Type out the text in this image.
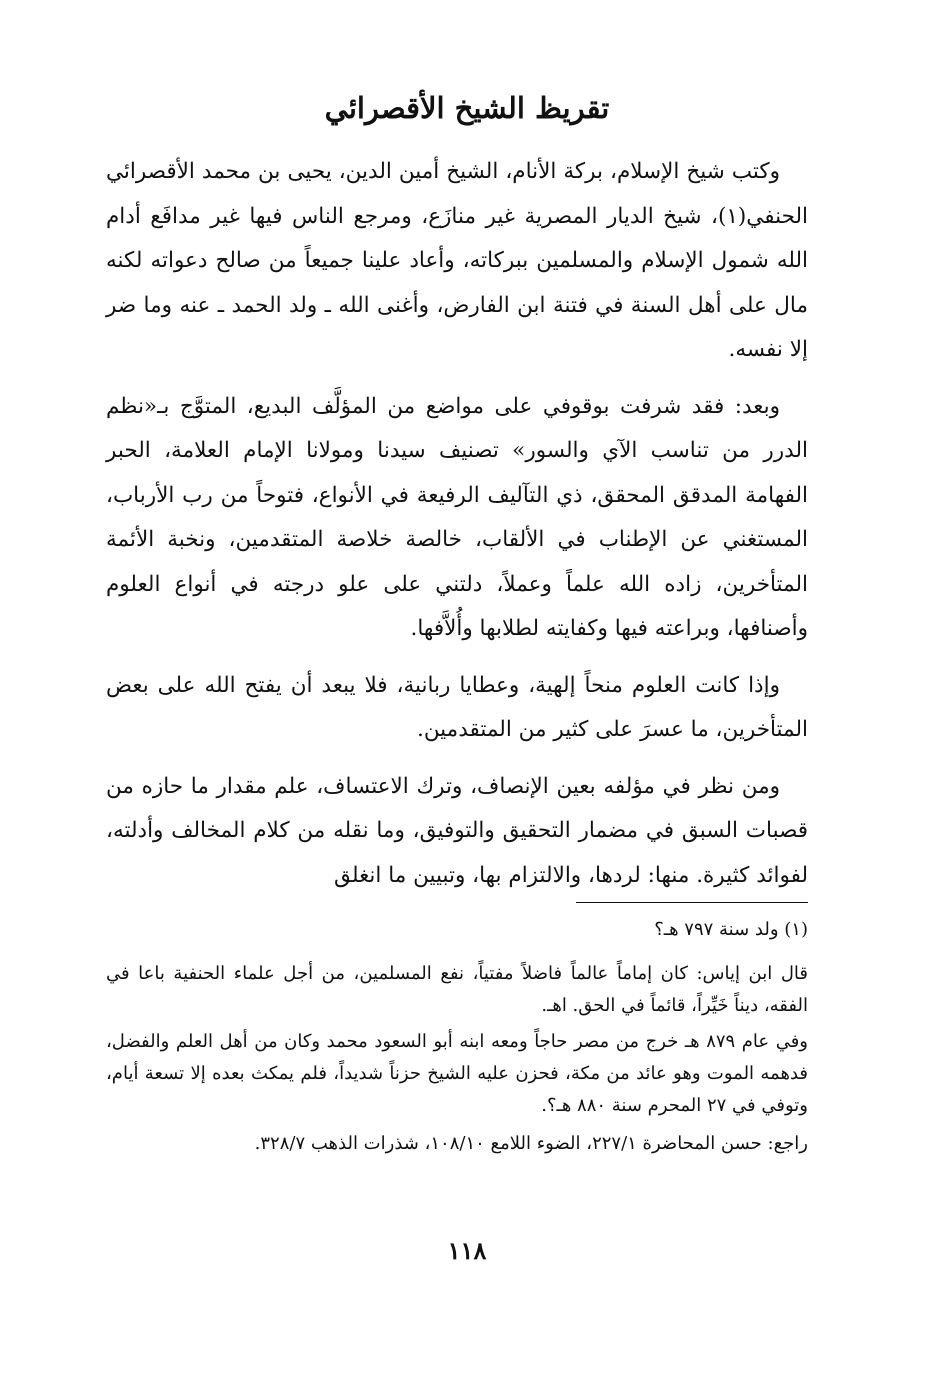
تقريظ الشيخ الأقصرائي

وكتب شيخ الإسلام، بركة الأنام، الشيخ أمين الدين، يحيى بن محمد الأقصرائي الحنفي(١)، شيخ الديار المصرية غير منازَع، ومرجع الناس فيها غير مدافَع أدام الله شمول الإسلام والمسلمين ببركاته، وأعاد علينا جميعاً من صالح دعواته لكنه مال على أهل السنة في فتنة ابن الفارض، وأغنى الله ـ ولد الحمد ـ عنه وما ضر إلا نفسه.

وبعد: فقد شرفت بوقوفي على مواضع من المؤلَّف البديع، المتوَّج بـ«نظم الدرر من تناسب الآي والسور» تصنيف سيدنا ومولانا الإمام العلامة، الحبر الفهامة المدقق المحقق، ذي التآليف الرفيعة في الأنواع، فتوحاً من رب الأرباب، المستغني عن الإطناب في الألقاب، خالصة خلاصة المتقدمين، ونخبة الأئمة المتأخرين، زاده الله علماً وعملاً، دلتني على علو درجته في أنواع العلوم وأصنافها، وبراعته فيها وكفايته لطلابها وأُلاَّفها.

وإذا كانت العلوم منحاً إلهية، وعطايا ربانية، فلا يبعد أن يفتح الله على بعض المتأخرين، ما عسرَ على كثير من المتقدمين.

ومن نظر في مؤلفه بعين الإنصاف، وترك الاعتساف، علم مقدار ما حازه من قصبات السبق في مضمار التحقيق والتوفيق، وما نقله من كلام المخالف وأدلته، لفوائد كثيرة. منها: لردها، والالتزام بها، وتبيين ما انغلق

(١) ولد سنة ٧٩٧ هـ؟

قال ابن إياس: كان إماماً عالماً فاضلاً مفتياً، نفع المسلمين، من أجل علماء الحنفية باعا في الفقه، ديناً خَيِّراً، قائماً في الحق. اهـ.

وفي عام ٨٧٩ هـ خرج من مصر حاجاً ومعه ابنه أبو السعود محمد وكان من أهل العلم والفضل، فدهمه الموت وهو عائد من مكة، فحزن عليه الشيخ حزناً شديداً، فلم يمكث بعده إلا تسعة أيام، وتوفي في ٢٧ المحرم سنة ٨٨٠ هـ؟.

راجع: حسن المحاضرة ٢٢٧/١، الضوء اللامع ١٠٨/١٠، شذرات الذهب ٣٢٨/٧.

١١٨
